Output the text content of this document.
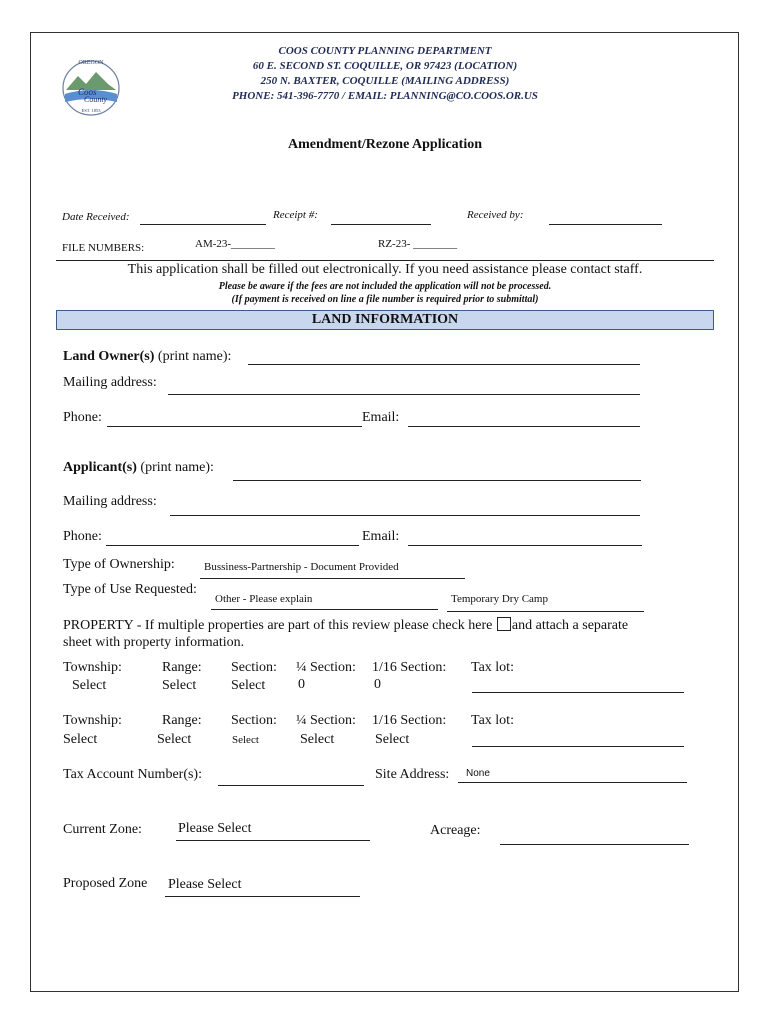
OREGON
Coos
County
EST. 1853
COOS COUNTY PLANNING DEPARTMENT
60 E. SECOND ST. COQUILLE, OR 97423 (LOCATION)
250 N. BAXTER, COQUILLE (MAILING ADDRESS)
PHONE: 541-396-7770 / EMAIL: PLANNING@CO.COOS.OR.US
Amendment/Rezone Application
Date Received:	Receipt #:	Received by:
FILE NUMBERS:	AM-23-________	RZ-23- ________
This application shall be filled out electronically. If you need assistance please contact staff.
Please be aware if the fees are not included the application will not be processed.
(If payment is received on line a file number is required prior to submittal)
LAND INFORMATION
Land Owner(s) (print name):
Mailing address:
Phone:	Email:
Applicant(s) (print name):
Mailing address:
Phone:	Email:
Type of Ownership:	Bussiness-Partnership - Document Provided
Type of Use Requested:
Other - Please explain	Temporary Dry Camp
PROPERTY - If multiple properties are part of this review please check here and attach a separate
sheet with property information.
Township:	Range: Section: ¼ Section: 1/16 Section: Tax lot:
Select	Select Select 0	0
Township:	Range: Section: ¼ Section: 1/16 Section: Tax lot:
Select	Select	Select	Select	Select
Tax Account Number(s):	Site Address: None
Current Zone:	Please Select	Acreage:
Proposed Zone Please Select
